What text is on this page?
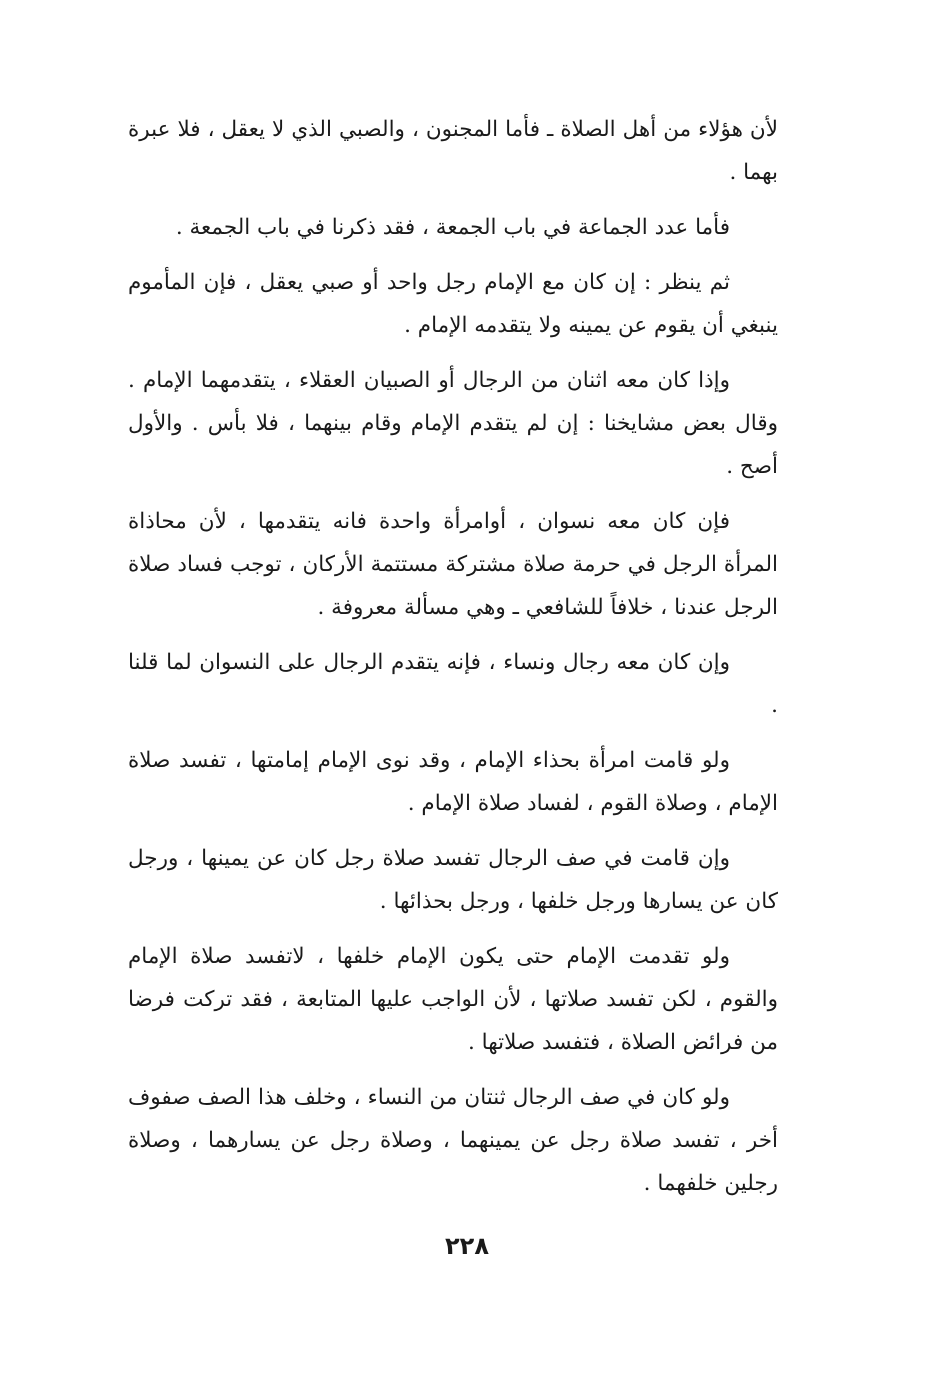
لأن هؤلاء من أهل الصلاة ـ فأما المجنون ، والصبي الذي لا يعقل ، فلا عبرة بهما .

فأما عدد الجماعة في باب الجمعة ، فقد ذكرنا في باب الجمعة .

ثم ينظر : إن كان مع الإمام رجل واحد أو صبي يعقل ، فإن المأموم ينبغي أن يقوم عن يمينه ولا يتقدمه الإمام .

وإذا كان معه اثنان من الرجال أو الصبيان العقلاء ، يتقدمهما الإمام . وقال بعض مشايخنا : إن لم يتقدم الإمام وقام بينهما ، فلا بأس . والأول أصح .

فإن كان معه نسوان ، أوامرأة واحدة فانه يتقدمها ، لأن محاذاة المرأة الرجل في حرمة صلاة مشتركة مستتمة الأركان ، توجب فساد صلاة الرجل عندنا ، خلافاً للشافعي ـ وهي مسألة معروفة .

وإن كان معه رجال ونساء ، فإنه يتقدم الرجال على النسوان لما قلنا .

ولو قامت امرأة بحذاء الإمام ، وقد نوى الإمام إمامتها ، تفسد صلاة الإمام ، وصلاة القوم ، لفساد صلاة الإمام .

وإن قامت في صف الرجال تفسد صلاة رجل كان عن يمينها ، ورجل كان عن يسارها ورجل خلفها ، ورجل بحذائها .

ولو تقدمت الإمام حتى يكون الإمام خلفها ، لاتفسد صلاة الإمام والقوم ، لكن تفسد صلاتها ، لأن الواجب عليها المتابعة ، فقد تركت فرضا من فرائض الصلاة ، فتفسد صلاتها .

ولو كان في صف الرجال ثنتان من النساء ، وخلف هذا الصف صفوف أخر ، تفسد صلاة رجل عن يمينهما ، وصلاة رجل عن يسارهما ، وصلاة رجلين خلفهما .

٢٢٨
